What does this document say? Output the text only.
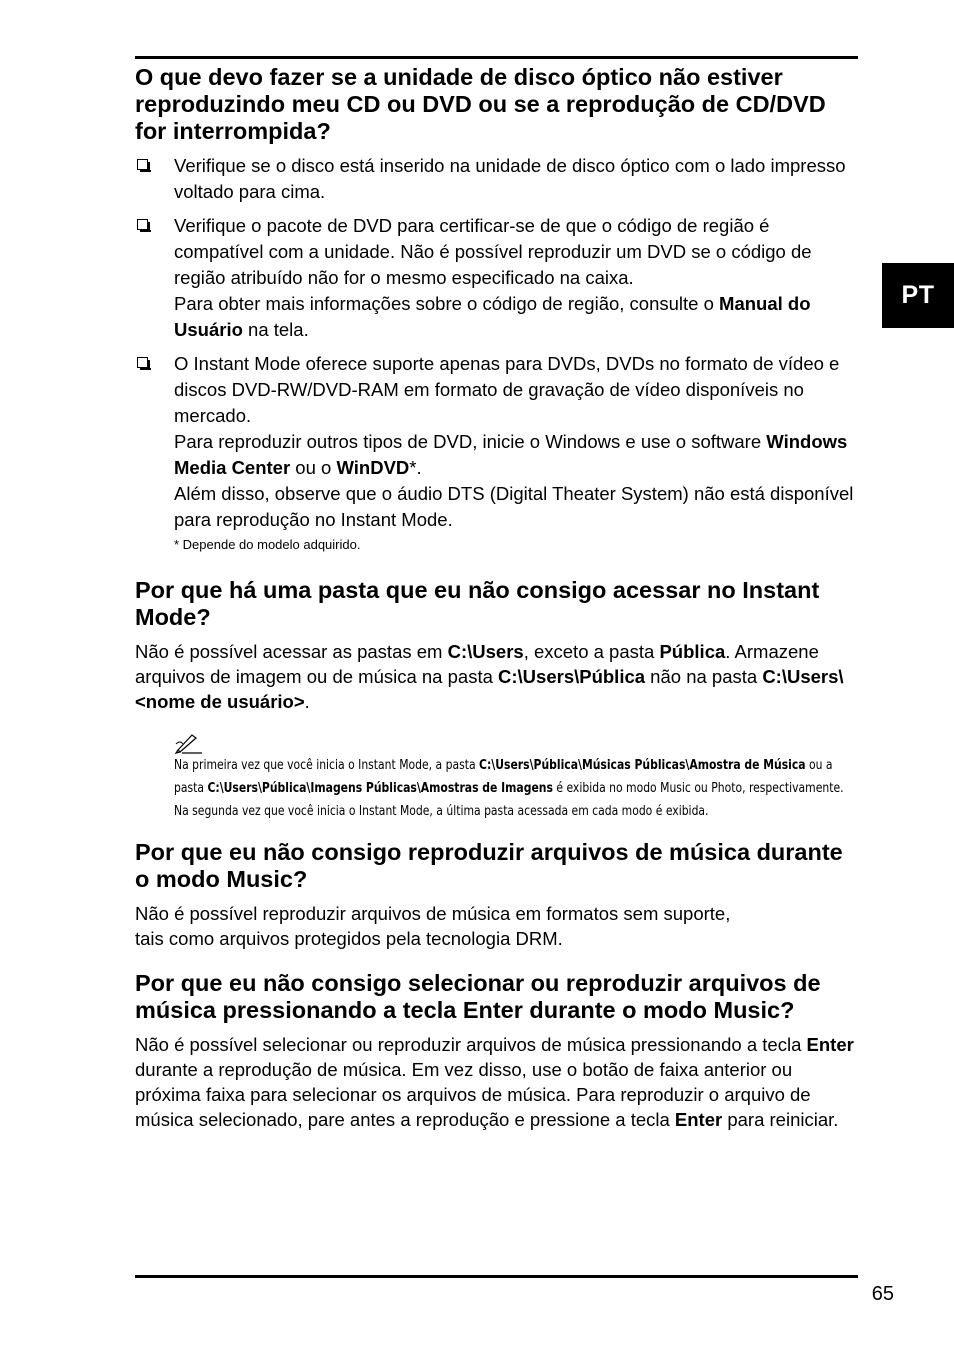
PT
O que devo fazer se a unidade de disco óptico não estiver reproduzindo meu CD ou DVD ou se a reprodução de CD/DVD for interrompida?

Verifique se o disco está inserido na unidade de disco óptico com o lado impresso voltado para cima.

Verifique o pacote de DVD para certificar-se de que o código de região é compatível com a unidade. Não é possível reproduzir um DVD se o código de região atribuído não for o mesmo especificado na caixa.

Para obter mais informações sobre o código de região, consulte o Manual do Usuário na tela.

O Instant Mode oferece suporte apenas para DVDs, DVDs no formato de vídeo e discos DVD-RW/DVD-RAM em formato de gravação de vídeo disponíveis no mercado.

Para reproduzir outros tipos de DVD, inicie o Windows e use o software Windows Media Center ou o WinDVD*.

Além disso, observe que o áudio DTS (Digital Theater System) não está disponível para reprodução no Instant Mode.

* Depende do modelo adquirido.
Por que há uma pasta que eu não consigo acessar no Instant Mode?

Não é possível acessar as pastas em C:\Users, exceto a pasta Pública. Armazene arquivos de imagem ou de música na pasta C:\Users\Pública não na pasta C:\Users\<nome de usuário>.

Na primeira vez que você inicia o Instant Mode, a pasta C:\Users\Pública\Músicas Públicas\Amostra de Música ou a pasta C:\Users\Pública\Imagens Públicas\Amostras de Imagens é exibida no modo Music ou Photo, respectivamente. Na segunda vez que você inicia o Instant Mode, a última pasta acessada em cada modo é exibida.

Por que eu não consigo reproduzir arquivos de música durante o modo Music?

Não é possível reproduzir arquivos de música em formatos sem suporte,

tais como arquivos protegidos pela tecnologia DRM.

Por que eu não consigo selecionar ou reproduzir arquivos de música pressionando a tecla Enter durante o modo Music?

Não é possível selecionar ou reproduzir arquivos de música pressionando a tecla Enter durante a reprodução de música. Em vez disso, use o botão de faixa anterior ou próxima faixa para selecionar os arquivos de música. Para reproduzir o arquivo de música selecionado, pare antes a reprodução e pressione a tecla Enter para reiniciar.

65
